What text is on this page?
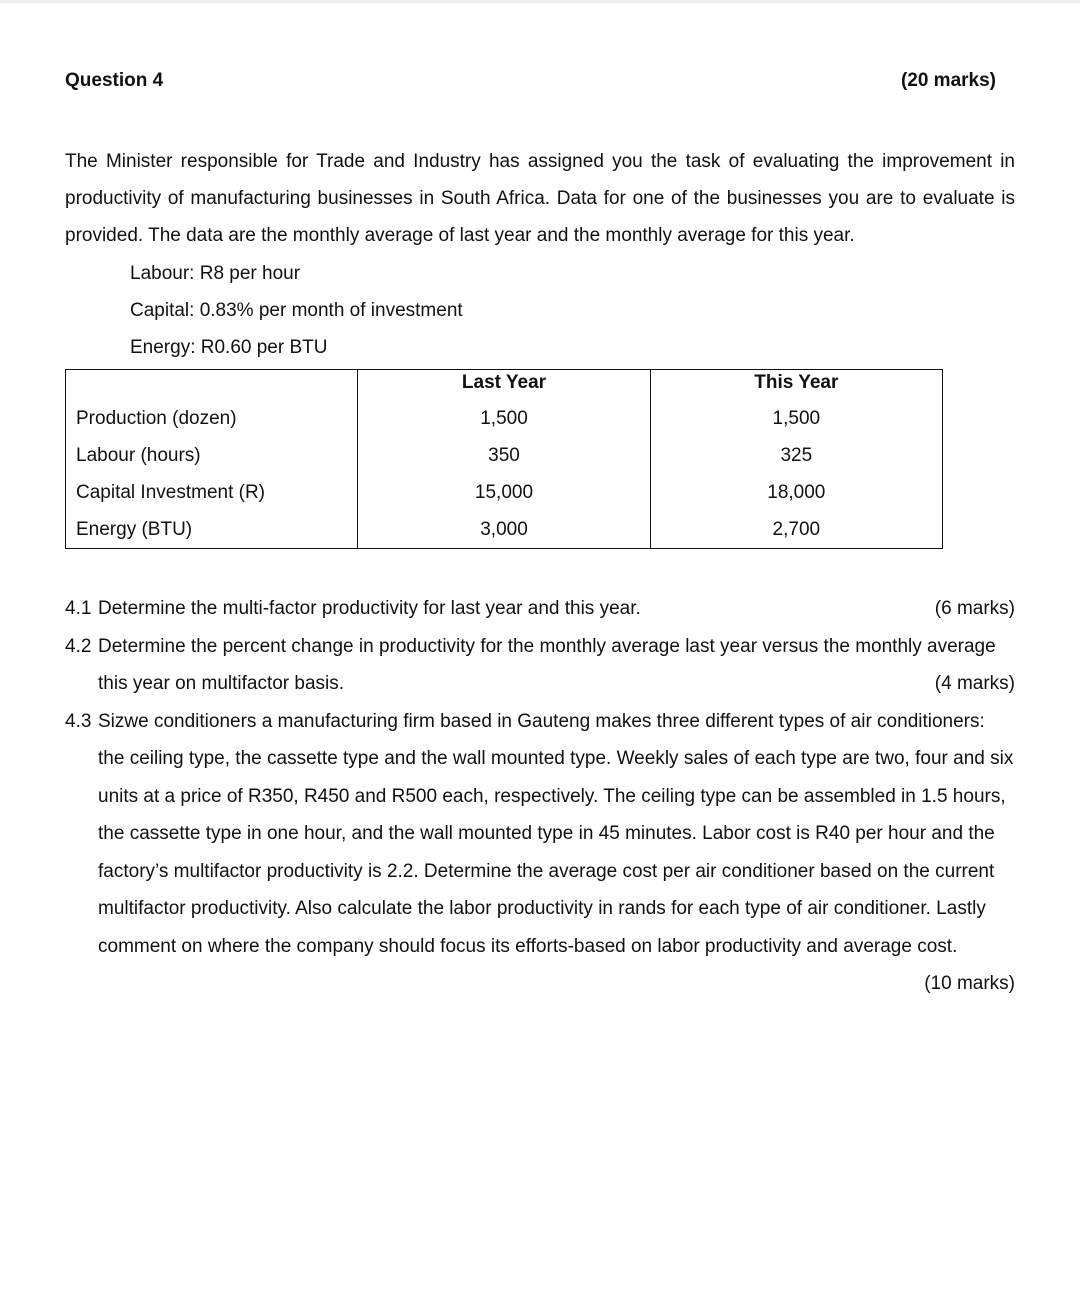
Question 4	(20 marks)
The Minister responsible for Trade and Industry has assigned you the task of evaluating the improvement in productivity of manufacturing businesses in South Africa. Data for one of the businesses you are to evaluate is provided. The data are the monthly average of last year and the monthly average for this year.
Labour: R8 per hour
Capital: 0.83% per month of investment
Energy: R0.60 per BTU
	Last Year	This Year
Production (dozen)	1,500	1,500
Labour (hours)	350	325
Capital Investment (R)	15,000	18,000
Energy (BTU)	3,000	2,700
4.1	(6 marks)
Determine the multi-factor productivity for last year and this year.
4.2 Determine the percent change in productivity for the monthly average last year versus the monthly average this year on multifactor basis.	(4 marks)
4.3 Sizwe conditioners a manufacturing firm based in Gauteng makes three different types of air conditioners: the ceiling type, the cassette type and the wall mounted type. Weekly sales of each type are two, four and six units at a price of R350, R450 and R500 each, respectively. The ceiling type can be assembled in 1.5 hours, the cassette type in one hour, and the wall mounted type in 45 minutes. Labor cost is R40 per hour and the factory’s multifactor productivity is 2.2. Determine the average cost per air conditioner based on the current multifactor productivity. Also calculate the labor productivity in rands for each type of air conditioner. Lastly comment on where the company should focus its efforts-based on labor productivity and average cost.
(10 marks)
